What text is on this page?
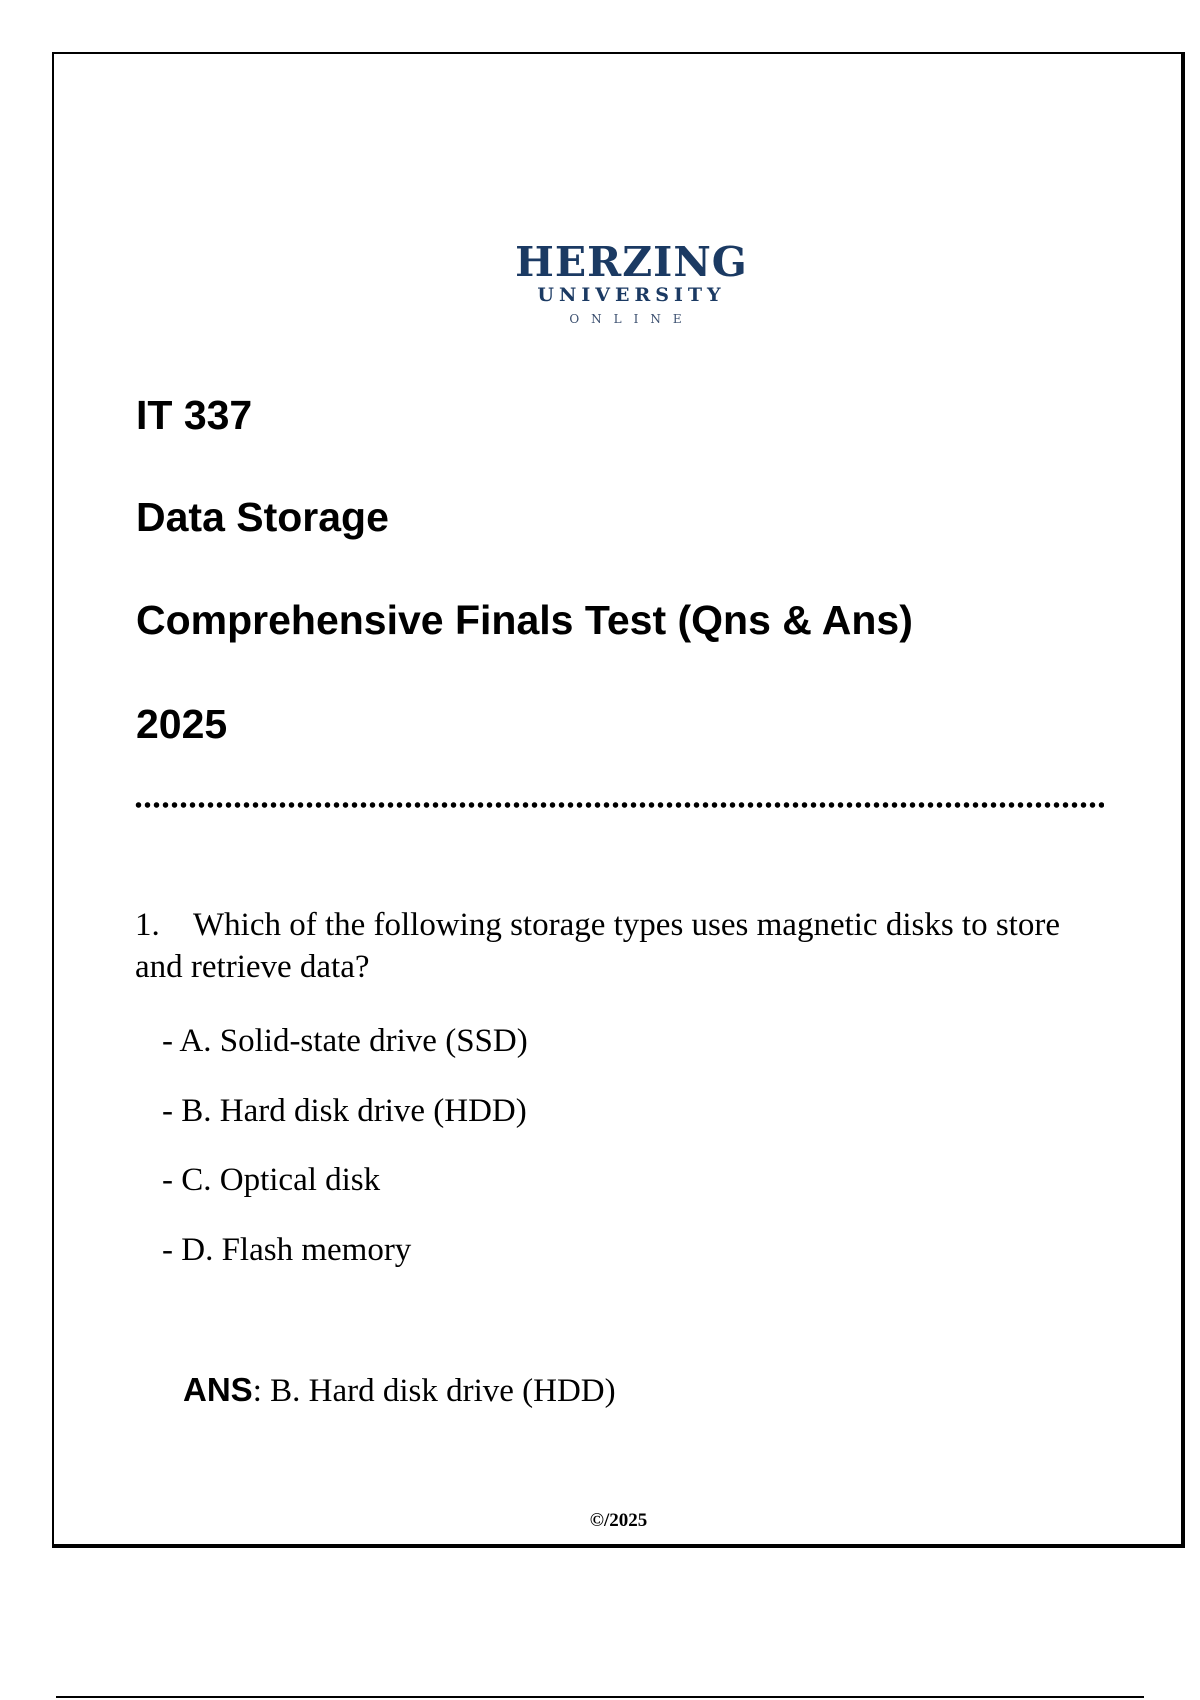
HERZING
UNIVERSITY
ONLINE
IT 337
Data Storage
Comprehensive Finals Test (Qns & Ans)
2025
1. Which of the following storage types uses magnetic disks to store and retrieve data?
- A. Solid-state drive (SSD)
- B. Hard disk drive (HDD)
- C. Optical disk
- D. Flash memory
ANS: B. Hard disk drive (HDD)
©/2025
